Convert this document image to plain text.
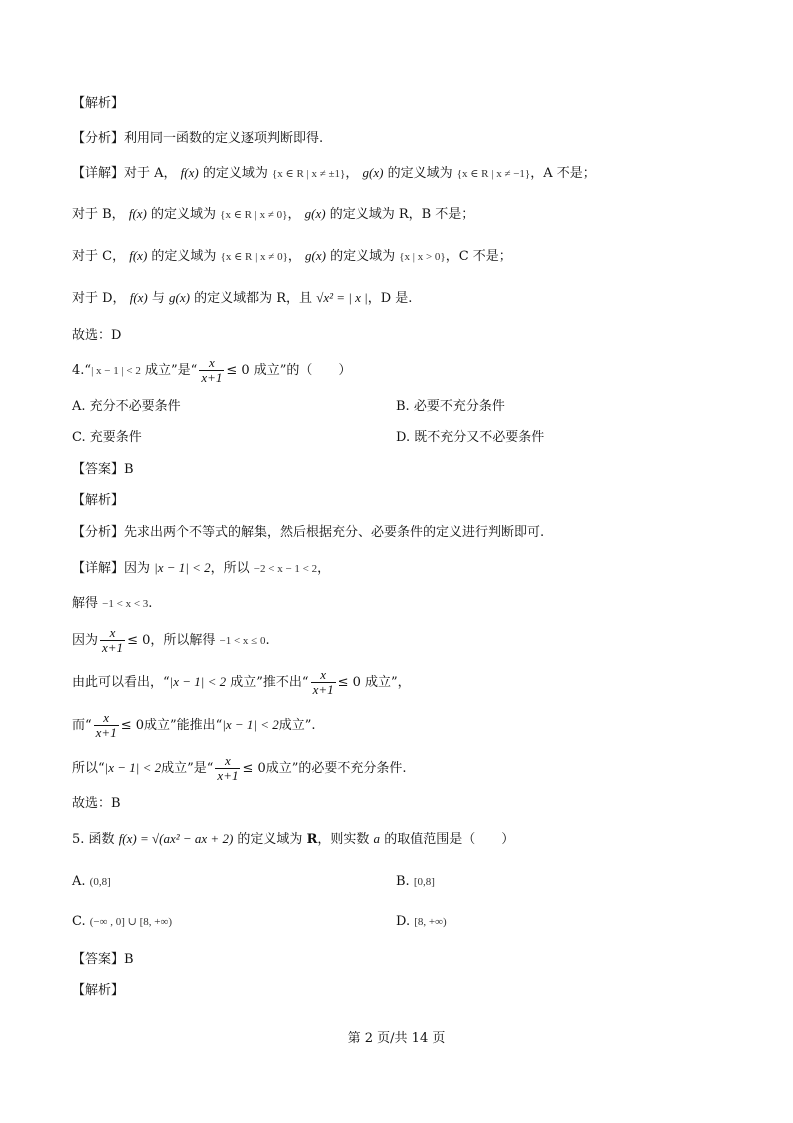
【解析】
【分析】利用同一函数的定义逐项判断即得.
【详解】对于 A， f(x) 的定义域为 {x ∈ R | x ≠ ±1}， g(x) 的定义域为 {x ∈ R | x ≠ −1}，A 不是；
对于 B， f(x) 的定义域为 {x ∈ R | x ≠ 0}， g(x) 的定义域为 R，B 不是；
对于 C， f(x) 的定义域为 {x ∈ R | x ≠ 0}， g(x) 的定义域为 {x | x > 0}，C 不是；
对于 D， f(x) 与 g(x) 的定义域都为 R，且 √x² = | x |，D 是.
故选：D
4.“| x − 1 | < 2 成立”是“ $\frac{x}{x+1} \le 0$ 成立”的（　　）
A. 充分不必要条件	B. 必要不充分条件
C. 充要条件	D. 既不充分又不必要条件
【答案】B
【解析】
【分析】先求出两个不等式的解集，然后根据充分、必要条件的定义进行判断即可.
【详解】因为 |x − 1| < 2，所以 −2 < x − 1 < 2，
解得 −1 < x < 3.
因为 $\frac{x}{x+1} \le 0$，所以解得 −1 < x ≤ 0.
由此可以看出，“|x − 1| < 2 成立”推不出“ $\frac{x}{x+1} \le 0$ 成立”，
而“ $\frac{x}{x+1} \le 0$成立”能推出“|x − 1| < 2成立”.
所以“|x − 1| < 2成立”是“ $\frac{x}{x+1} \le 0$成立”的必要不充分条件.
故选：B
5. 函数 f(x) = √(ax² − ax + 2) 的定义域为 R，则实数 a 的取值范围是（　　）
A. (0,8]	B. [0,8]
C. (−∞ , 0] ∪ [8, +∞)	D. [8, +∞)
【答案】B
【解析】
第 2 页/共 14 页
